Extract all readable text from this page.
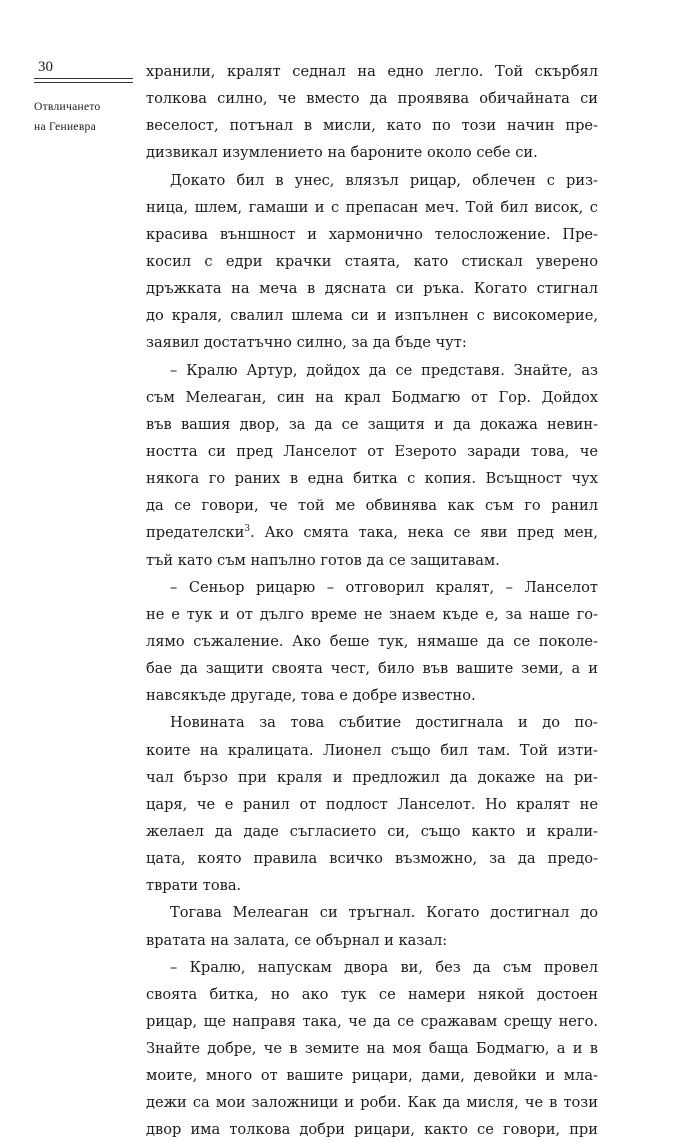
30
Отвличането
на Гениевра
хранили, кралят седнал на едно легло. Той скърбял
толкова силно, че вместо да проявява обичайната си
веселост, потънал в мисли, като по този начин пре-
дизвикал изумлението на бароните около себе си.
Докато бил в унес, влязъл рицар, облечен с риз-
ница, шлем, гамаши и с препасан меч. Той бил висок, с
красива външност и хармонично телосложение. Пре-
косил с едри крачки стаята, като стискал уверено
дръжката на меча в дясната си ръка. Когато стигнал
до краля, свалил шлема си и изпълнен с високомерие,
заявил достатъчно силно, за да бъде чут:
– Кралю Артур, дойдох да се представя. Знайте, аз
съм Мелеаган, син на крал Бодмагю от Гор. Дойдох
във вашия двор, за да се защитя и да докажа невин-
ността си пред Ланселот от Езерото заради това, че
някога го раних в една битка с копия. Всъщност чух
да се говори, че той ме обвинява как съм го ранил
предателски$^3$. Ако смята така, нека се яви пред мен,
тъй като съм напълно готов да се защитавам.
– Сеньор рицарю – отговорил кралят, – Ланселот
не е тук и от дълго време не знаем къде е, за наше го-
лямо съжаление. Ако беше тук, нямаше да се поколе-
бае да защити своята чест, било във вашите земи, а и
навсякъде другаде, това е добре известно.
Новината за това събитие достигнала и до по-
коите на кралицата. Лионел също бил там. Той изти-
чал бързо при краля и предложил да докаже на ри-
царя, че е ранил от подлост Ланселот. Но кралят не
желаел да даде съгласието си, също както и крали-
цата, която правила всичко възможно, за да предо-
тврати това.
Тогава Мелеаган си тръгнал. Когато достигнал до
вратата на залата, се обърнал и казал:
– Кралю, напускам двора ви, без да съм провел
своята битка, но ако тук се намери някой достоен
рицар, ще направя така, че да се сражавам срещу него.
Знайте добре, че в земите на моя баща Бодмагю, а и в
моите, много от вашите рицари, дами, девойки и мла-
дежи са мои заложници и роби. Как да мисля, че в този
двор има толкова добри рицари, както се говори, при
